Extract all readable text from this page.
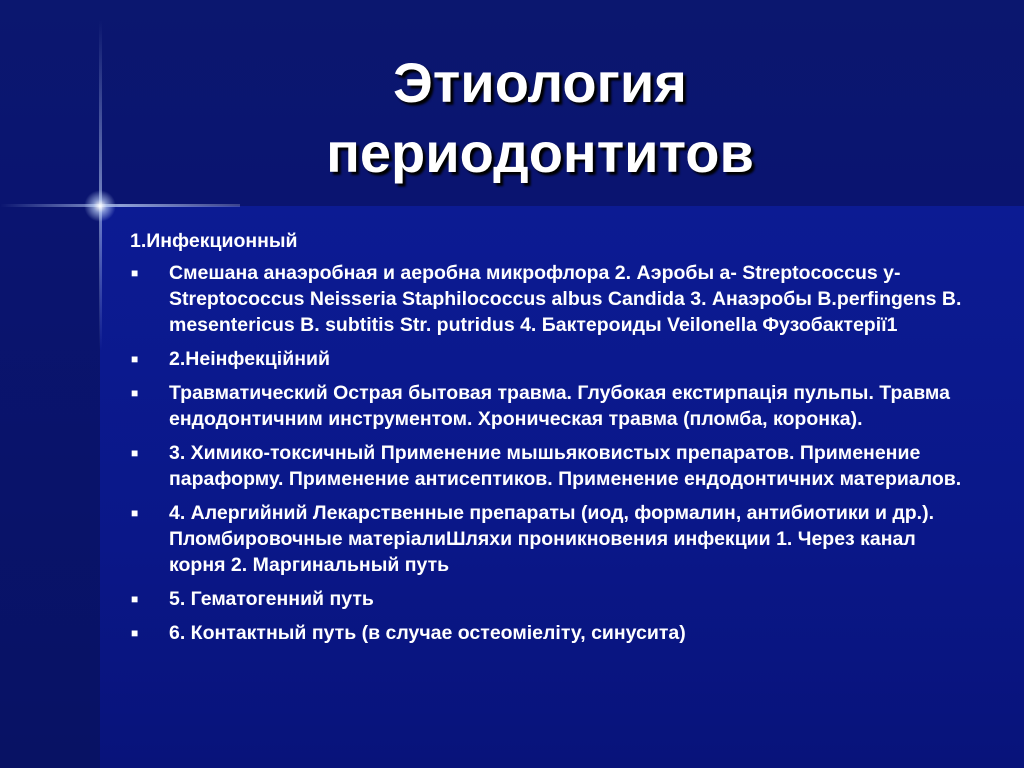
Этиология
периодонтитов
1.Инфекционный
■	Смешана анаэробная и аеробна микрофлора 2. Аэробы a- Streptococcus y- Streptococcus Neisseria Staphilococcus albus Candida 3. Анаэробы B.perfingens B. mesentericus B. subtitis Str. putridus 4. Бактероиды Veilonella Фузобактерії1
■	2.Неінфекційний
■	Травматический Острая бытовая травма. Глубокая екстирпація пульпы. Травма ендодонтичним инструментом. Хроническая травма (пломба, коронка).
■	3. Химико-токсичный Применение мышьяковистых препаратов. Применение параформу. Применение антисептиков. Применение ендодонтичних материалов.
■	4. Алергийний Лекарственные препараты (иод, формалин, антибиотики и др.). Пломбировочные матеріалиШляхи проникновения инфекции 1. Через канал корня 2. Маргинальный путь
■	5. Гематогенний путь
■	6. Контактный путь (в случае остеоміеліту, синусита)
